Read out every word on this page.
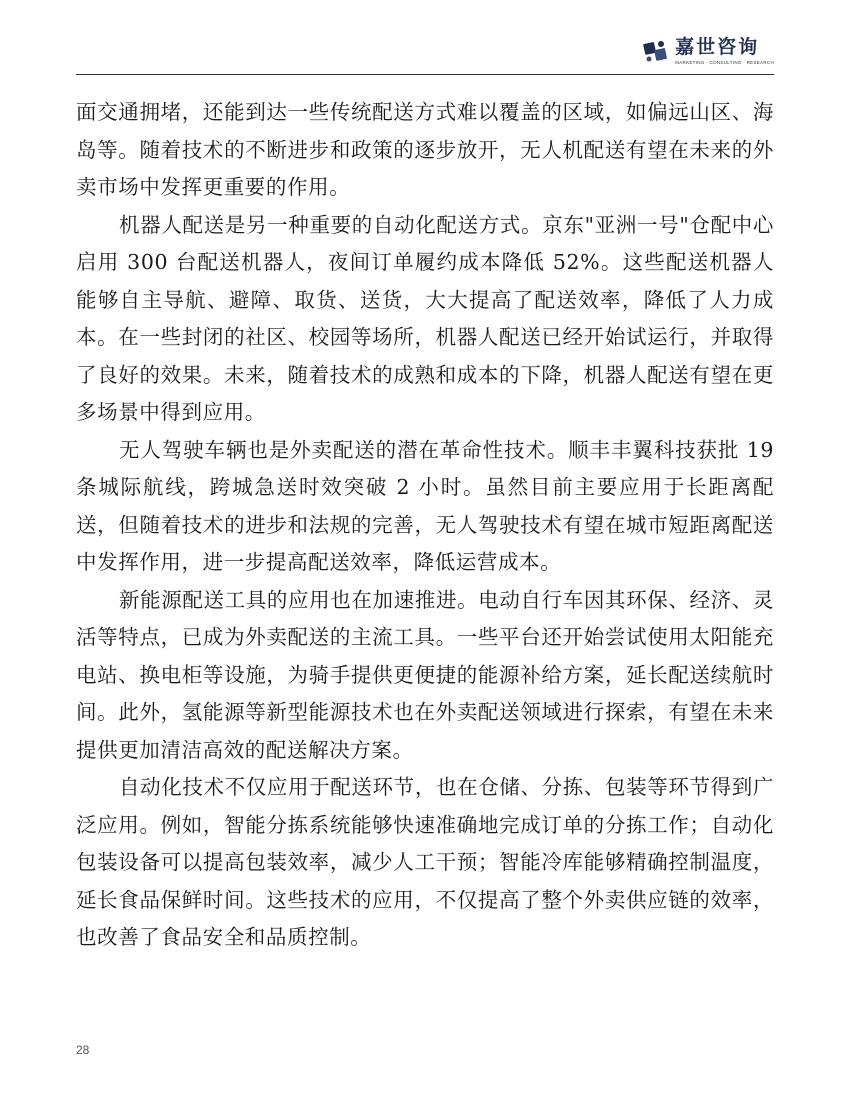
嘉世咨询
MARKETING · CONSULTING · RESEARCH

面交通拥堵，还能到达一些传统配送方式难以覆盖的区域，如偏远山区、海岛等。随着技术的不断进步和政策的逐步放开，无人机配送有望在未来的外卖市场中发挥更重要的作用。

机器人配送是另一种重要的自动化配送方式。京东"亚洲一号"仓配中心启用 300 台配送机器人，夜间订单履约成本降低 52%。这些配送机器人能够自主导航、避障、取货、送货，大大提高了配送效率，降低了人力成本。在一些封闭的社区、校园等场所，机器人配送已经开始试运行，并取得了良好的效果。未来，随着技术的成熟和成本的下降，机器人配送有望在更多场景中得到应用。

无人驾驶车辆也是外卖配送的潜在革命性技术。顺丰丰翼科技获批 19 条城际航线，跨城急送时效突破 2 小时。虽然目前主要应用于长距离配送，但随着技术的进步和法规的完善，无人驾驶技术有望在城市短距离配送中发挥作用，进一步提高配送效率，降低运营成本。

新能源配送工具的应用也在加速推进。电动自行车因其环保、经济、灵活等特点，已成为外卖配送的主流工具。一些平台还开始尝试使用太阳能充电站、换电柜等设施，为骑手提供更便捷的能源补给方案，延长配送续航时间。此外，氢能源等新型能源技术也在外卖配送领域进行探索，有望在未来提供更加清洁高效的配送解决方案。

自动化技术不仅应用于配送环节，也在仓储、分拣、包装等环节得到广泛应用。例如，智能分拣系统能够快速准确地完成订单的分拣工作；自动化包装设备可以提高包装效率，减少人工干预；智能冷库能够精确控制温度，延长食品保鲜时间。这些技术的应用，不仅提高了整个外卖供应链的效率，也改善了食品安全和品质控制。

28
